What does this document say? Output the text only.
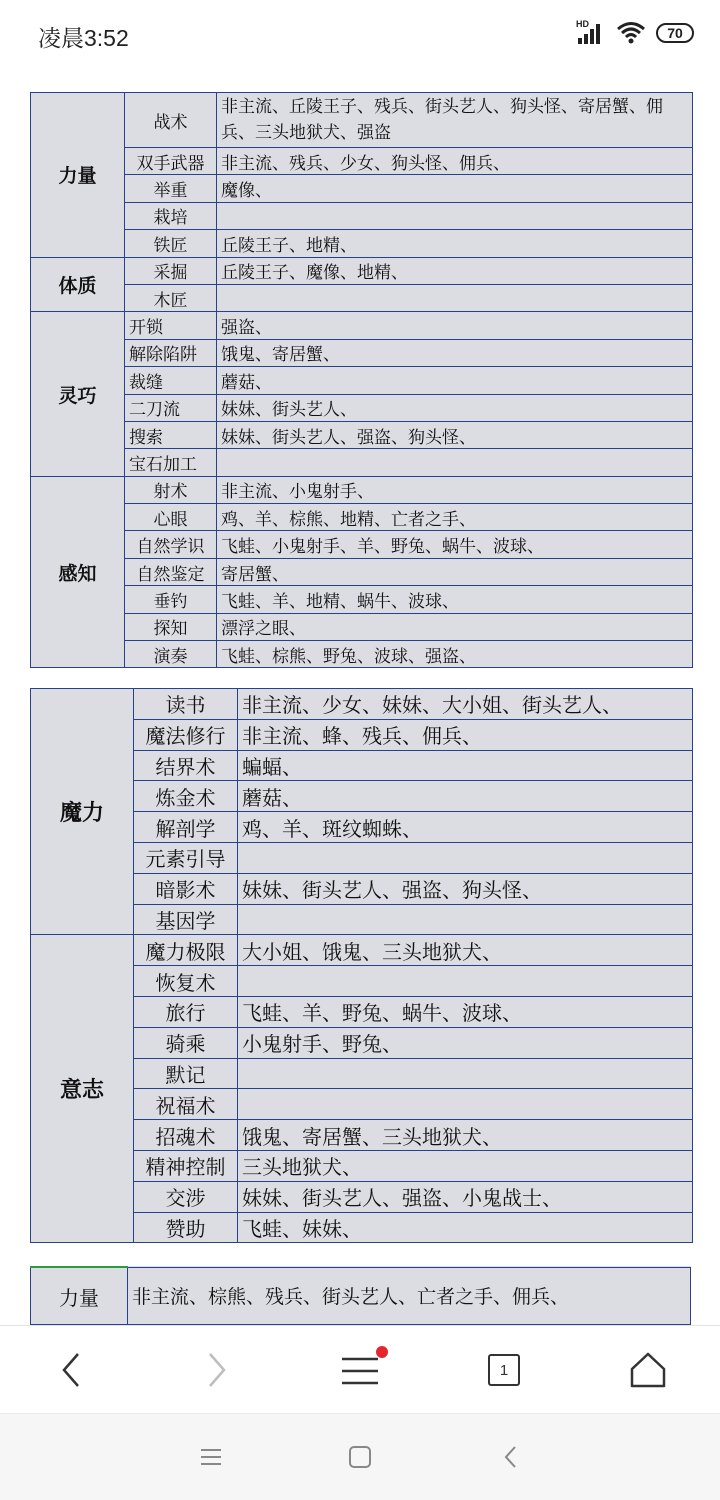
凌晨3:52
HD
70
力量	战术	非主流、丘陵王子、残兵、街头艺人、狗头怪、寄居蟹、佣兵、三头地狱犬、强盗
	双手武器	非主流、残兵、少女、狗头怪、佣兵、
	举重	魔像、
	栽培	
	铁匠	丘陵王子、地精、
体质	采掘	丘陵王子、魔像、地精、
	木匠	
灵巧	开锁	强盗、
	解除陷阱	饿鬼、寄居蟹、
	裁缝	蘑菇、
	二刀流	妹妹、街头艺人、
	搜索	妹妹、街头艺人、强盗、狗头怪、
	宝石加工	
感知	射术	非主流、小鬼射手、
	心眼	鸡、羊、棕熊、地精、亡者之手、
	自然学识	飞蛙、小鬼射手、羊、野兔、蜗牛、波球、
	自然鉴定	寄居蟹、
	垂钓	飞蛙、羊、地精、蜗牛、波球、
	探知	漂浮之眼、
	演奏	飞蛙、棕熊、野兔、波球、强盗、
魔力	读书	非主流、少女、妹妹、大小姐、街头艺人、
	魔法修行	非主流、蜂、残兵、佣兵、
	结界术	蝙蝠、
	炼金术	蘑菇、
	解剖学	鸡、羊、斑纹蜘蛛、
	元素引导	
	暗影术	妹妹、街头艺人、强盗、狗头怪、
	基因学	
意志	魔力极限	大小姐、饿鬼、三头地狱犬、
	恢复术	
	旅行	飞蛙、羊、野兔、蜗牛、波球、
	骑乘	小鬼射手、野兔、
	默记	
	祝福术	
	招魂术	饿鬼、寄居蟹、三头地狱犬、
	精神控制	三头地狱犬、
	交涉	妹妹、街头艺人、强盗、小鬼战士、
	赞助	飞蛙、妹妹、
力量	非主流、棕熊、残兵、街头艺人、亡者之手、佣兵、
1
